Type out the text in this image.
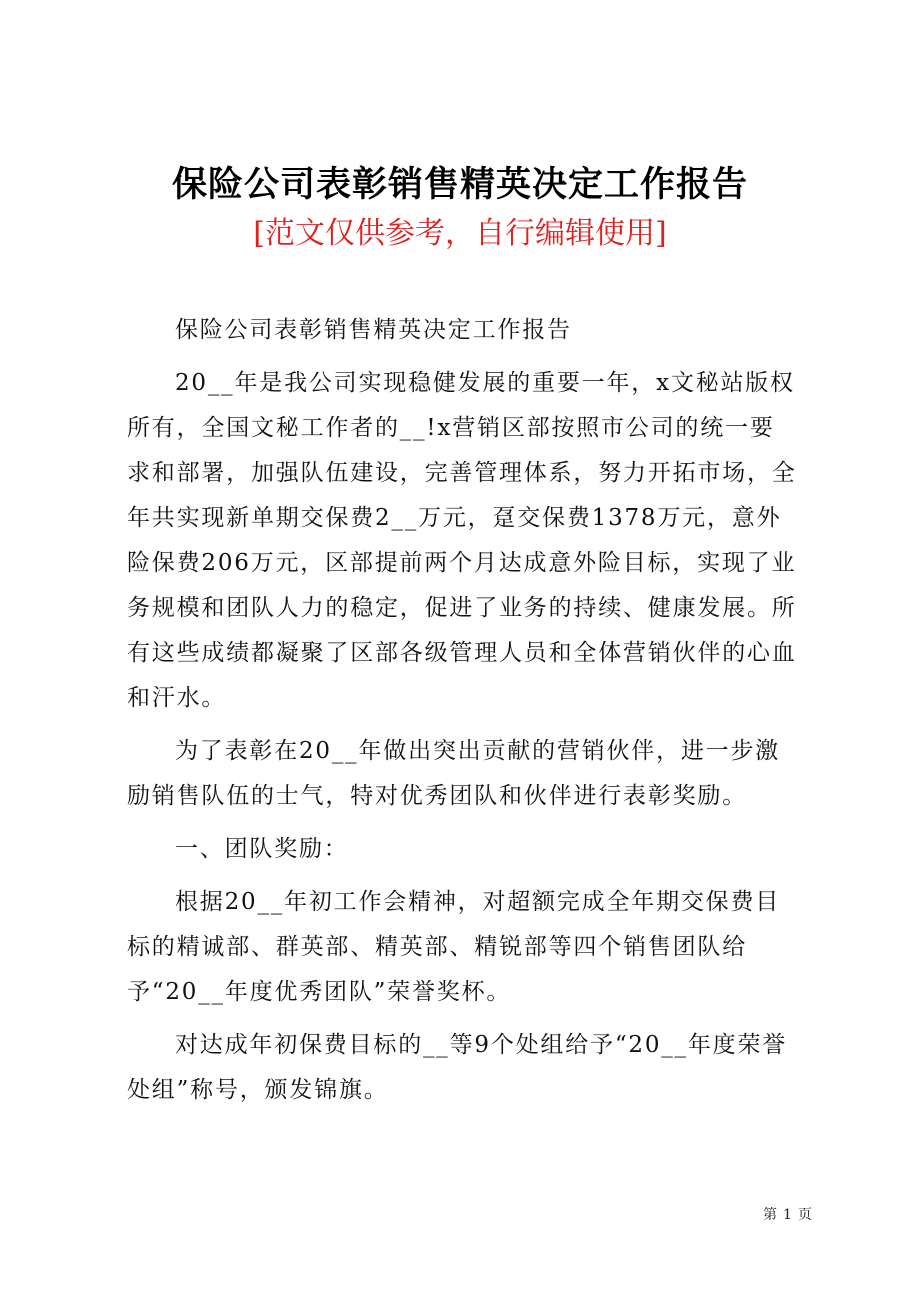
保险公司表彰销售精英决定工作报告
[范文仅供参考，自行编辑使用]

保险公司表彰销售精英决定工作报告

20__年是我公司实现稳健发展的重要一年，x文秘站版权所有，全国文秘工作者的__!x营销区部按照市公司的统一要求和部署，加强队伍建设，完善管理体系，努力开拓市场，全年共实现新单期交保费2__万元，趸交保费1378万元，意外险保费206万元，区部提前两个月达成意外险目标，实现了业务规模和团队人力的稳定，促进了业务的持续、健康发展。所有这些成绩都凝聚了区部各级管理人员和全体营销伙伴的心血和汗水。

为了表彰在20__年做出突出贡献的营销伙伴，进一步激励销售队伍的士气，特对优秀团队和伙伴进行表彰奖励。

一、团队奖励：

根据20__年初工作会精神，对超额完成全年期交保费目标的精诚部、群英部、精英部、精锐部等四个销售团队给予“20__年度优秀团队”荣誉奖杯。

对达成年初保费目标的__等9个处组给予“20__年度荣誉处组”称号，颁发锦旗。

第 1 页
